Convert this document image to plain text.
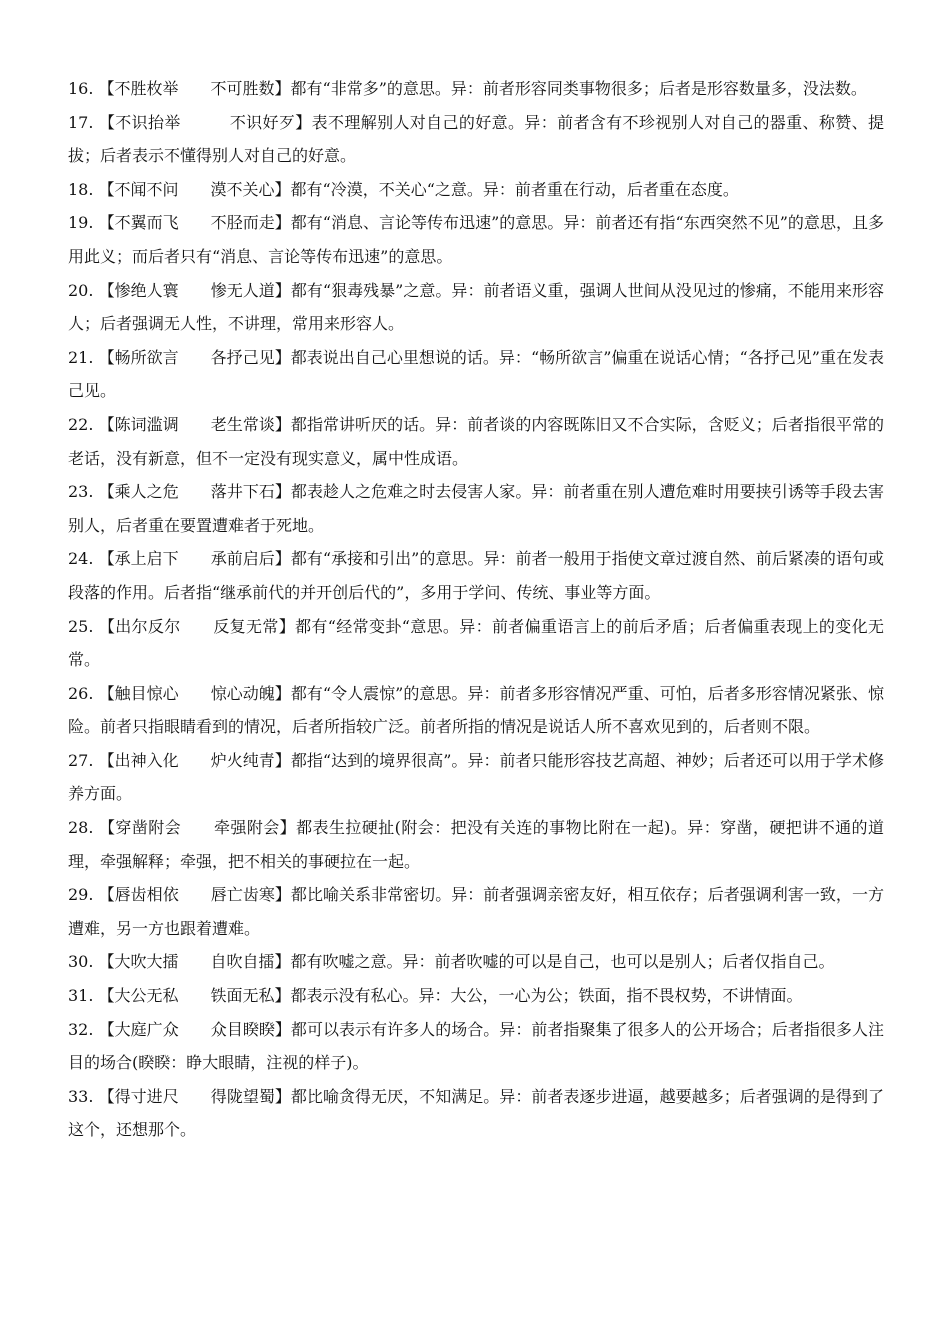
16. 【不胜枚举　　不可胜数】都有“非常多”的意思。异：前者形容同类事物很多；后者是形容数量多，没法数。

17. 【不识抬举　　　不识好歹】表不理解别人对自己的好意。异：前者含有不珍视别人对自己的器重、称赞、提拔；后者表示不懂得别人对自己的好意。

18. 【不闻不问　　漠不关心】都有“冷漠，不关心“之意。异：前者重在行动，后者重在态度。

19. 【不翼而飞　　不胫而走】都有“消息、言论等传布迅速”的意思。异：前者还有指“东西突然不见”的意思，且多用此义；而后者只有“消息、言论等传布迅速”的意思。

20. 【惨绝人寰　　惨无人道】都有“狠毒残暴”之意。异：前者语义重，强调人世间从没见过的惨痛，不能用来形容人；后者强调无人性，不讲理，常用来形容人。

21. 【畅所欲言　　各抒己见】都表说出自己心里想说的话。异：“畅所欲言”偏重在说话心情；“各抒己见”重在发表己见。

22. 【陈词滥调　　老生常谈】都指常讲听厌的话。异：前者谈的内容既陈旧又不合实际，含贬义；后者指很平常的老话，没有新意，但不一定没有现实意义，属中性成语。

23. 【乘人之危　　落井下石】都表趁人之危难之时去侵害人家。异：前者重在别人遭危难时用要挟引诱等手段去害别人，后者重在要置遭难者于死地。

24. 【承上启下　　承前启后】都有“承接和引出”的意思。异：前者一般用于指使文章过渡自然、前后紧凑的语句或段落的作用。后者指“继承前代的并开创后代的”，多用于学问、传统、事业等方面。

25. 【出尔反尔　　反复无常】都有“经常变卦“意思。异：前者偏重语言上的前后矛盾；后者偏重表现上的变化无常。

26. 【触目惊心　　惊心动魄】都有“令人震惊”的意思。异：前者多形容情况严重、可怕，后者多形容情况紧张、惊险。前者只指眼睛看到的情况，后者所指较广泛。前者所指的情况是说话人所不喜欢见到的，后者则不限。

27. 【出神入化　　炉火纯青】都指“达到的境界很高”。异：前者只能形容技艺高超、神妙；后者还可以用于学术修养方面。

28. 【穿凿附会　　牵强附会】都表生拉硬扯(附会：把没有关连的事物比附在一起)。异：穿凿，硬把讲不通的道理，牵强解释；牵强，把不相关的事硬拉在一起。

29. 【唇齿相依　　唇亡齿寒】都比喻关系非常密切。异：前者强调亲密友好，相互依存；后者强调利害一致，一方遭难，另一方也跟着遭难。

30. 【大吹大擂　　自吹自擂】都有吹嘘之意。异：前者吹嘘的可以是自己，也可以是别人；后者仅指自己。

31. 【大公无私　　铁面无私】都表示没有私心。异：大公，一心为公；铁面，指不畏权势，不讲情面。

32. 【大庭广众　　众目睽睽】都可以表示有许多人的场合。异：前者指聚集了很多人的公开场合；后者指很多人注目的场合(睽睽：睁大眼睛，注视的样子)。

33. 【得寸进尺　　得陇望蜀】都比喻贪得无厌，不知满足。异：前者表逐步进逼，越要越多；后者强调的是得到了这个，还想那个。
